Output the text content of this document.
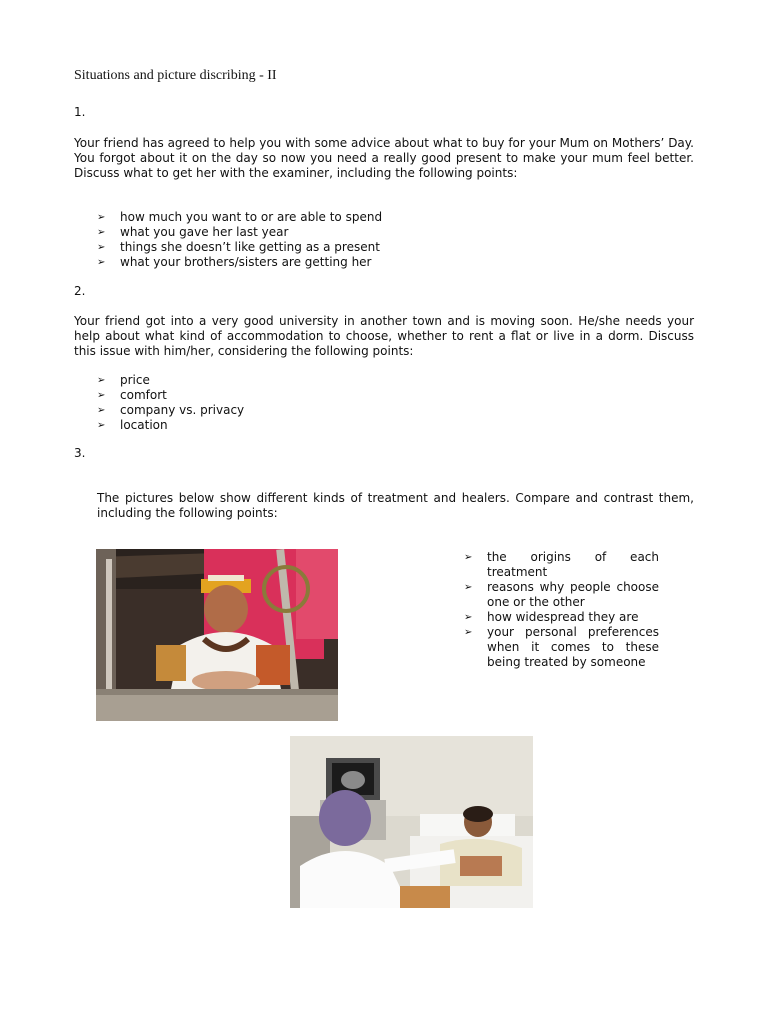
Situations and picture discribing - II
1.
Your friend has agreed to help you with some advice about what to buy for your Mum on Mothers’ Day. You forgot about it on the day so now you need a really good present to make your mum feel better. Discuss what to get her with the examiner, including the following points:
➢ how much you want to or are able to spend
➢ what you gave her last year
➢ things she doesn’t like getting as a present
➢ what your brothers/sisters are getting her
2.
Your friend got into a very good university in another town and is moving soon. He/she needs your help about what kind of accommodation to choose, whether to rent a flat or live in a dorm. Discuss this issue with him/her, considering the following points:
➢ price
➢ comfort
➢ company vs. privacy
➢ location
3.
The pictures below show different kinds of treatment and healers. Compare and contrast them, including the following points:
➢ the origins of each treatment
➢ reasons why people choose one or the other
➢ how widespread they are
➢ your personal preferences when it comes to these being treated by someone
